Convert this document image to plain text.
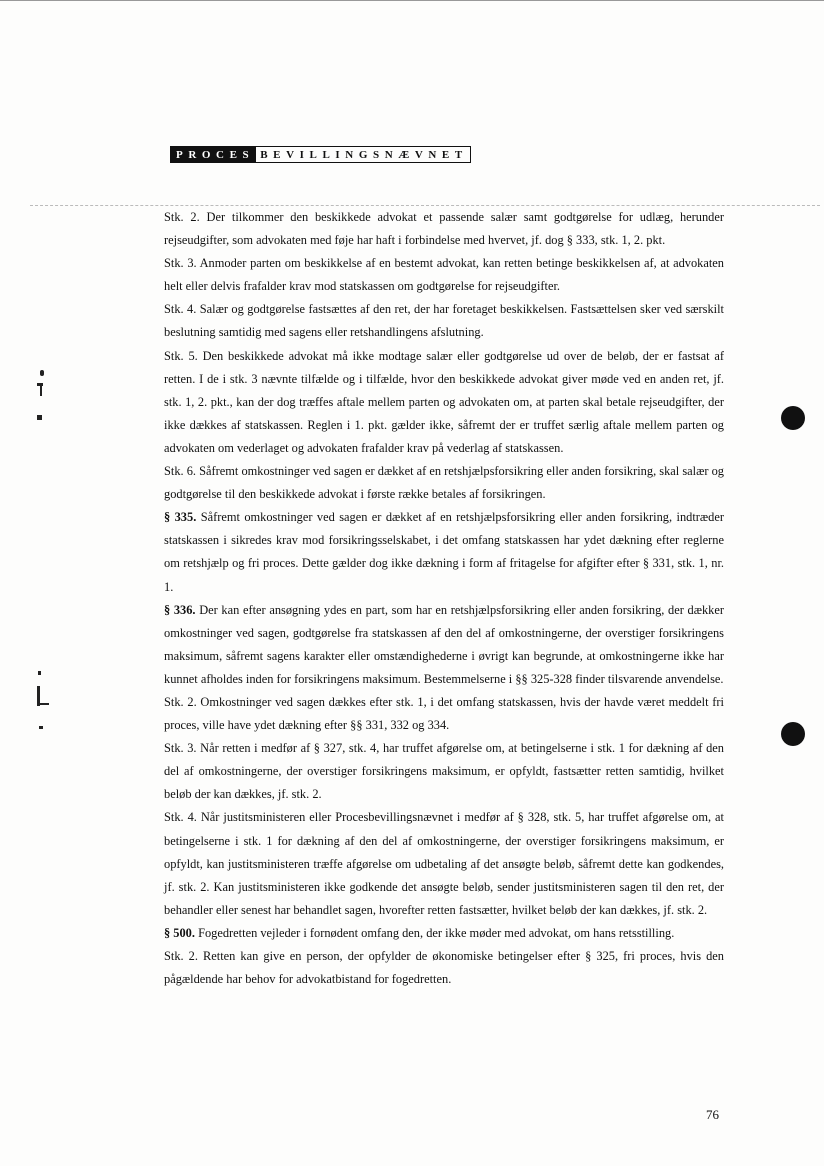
PROCES BEVILLINGSNÆVNET

Stk. 2. Der tilkommer den beskikkede advokat et passende salær samt godtgørelse for udlæg, herunder rejseudgifter, som advokaten med føje har haft i forbindelse med hvervet, jf. dog § 333, stk. 1, 2. pkt.

Stk. 3. Anmoder parten om beskikkelse af en bestemt advokat, kan retten betinge beskikkelsen af, at advokaten helt eller delvis frafalder krav mod statskassen om godtgørelse for rejseudgifter.

Stk. 4. Salær og godtgørelse fastsættes af den ret, der har foretaget beskikkelsen. Fastsættelsen sker ved særskilt beslutning samtidig med sagens eller retshandlingens afslutning.

Stk. 5. Den beskikkede advokat må ikke modtage salær eller godtgørelse ud over de beløb, der er fastsat af retten. I de i stk. 3 nævnte tilfælde og i tilfælde, hvor den beskikkede advokat giver møde ved en anden ret, jf. stk. 1, 2. pkt., kan der dog træffes aftale mellem parten og advokaten om, at parten skal betale rejseudgifter, der ikke dækkes af statskassen. Reglen i 1. pkt. gælder ikke, såfremt der er truffet særlig aftale mellem parten og advokaten om vederlaget og advokaten frafalder krav på vederlag af statskassen.

Stk. 6. Såfremt omkostninger ved sagen er dækket af en retshjælpsforsikring eller anden forsikring, skal salær og godtgørelse til den beskikkede advokat i første række betales af forsikringen.

§ 335. Såfremt omkostninger ved sagen er dækket af en retshjælpsforsikring eller anden forsikring, indtræder statskassen i sikredes krav mod forsikringsselskabet, i det omfang statskassen har ydet dækning efter reglerne om retshjælp og fri proces. Dette gælder dog ikke dækning i form af fritagelse for afgifter efter § 331, stk. 1, nr. 1.

§ 336. Der kan efter ansøgning ydes en part, som har en retshjælpsforsikring eller anden forsikring, der dækker omkostninger ved sagen, godtgørelse fra statskassen af den del af omkostningerne, der overstiger forsikringens maksimum, såfremt sagens karakter eller omstændighederne i øvrigt kan begrunde, at omkostningerne ikke har kunnet afholdes inden for forsikringens maksimum. Bestemmelserne i §§ 325-328 finder tilsvarende anvendelse.

Stk. 2. Omkostninger ved sagen dækkes efter stk. 1, i det omfang statskassen, hvis der havde været meddelt fri proces, ville have ydet dækning efter §§ 331, 332 og 334.

Stk. 3. Når retten i medfør af § 327, stk. 4, har truffet afgørelse om, at betingelserne i stk. 1 for dækning af den del af omkostningerne, der overstiger forsikringens maksimum, er opfyldt, fastsætter retten samtidig, hvilket beløb der kan dækkes, jf. stk. 2.

Stk. 4. Når justitsministeren eller Procesbevillingsnævnet i medfør af § 328, stk. 5, har truffet afgørelse om, at betingelserne i stk. 1 for dækning af den del af omkostningerne, der overstiger forsikringens maksimum, er opfyldt, kan justitsministeren træffe afgørelse om udbetaling af det ansøgte beløb, såfremt dette kan godkendes, jf. stk. 2. Kan justitsministeren ikke godkende det ansøgte beløb, sender justitsministeren sagen til den ret, der behandler eller senest har behandlet sagen, hvorefter retten fastsætter, hvilket beløb der kan dækkes, jf. stk. 2.

§ 500. Fogedretten vejleder i fornødent omfang den, der ikke møder med advokat, om hans retsstilling.

Stk. 2. Retten kan give en person, der opfylder de økonomiske betingelser efter § 325, fri proces, hvis den pågældende har behov for advokatbistand for fogedretten.

76
